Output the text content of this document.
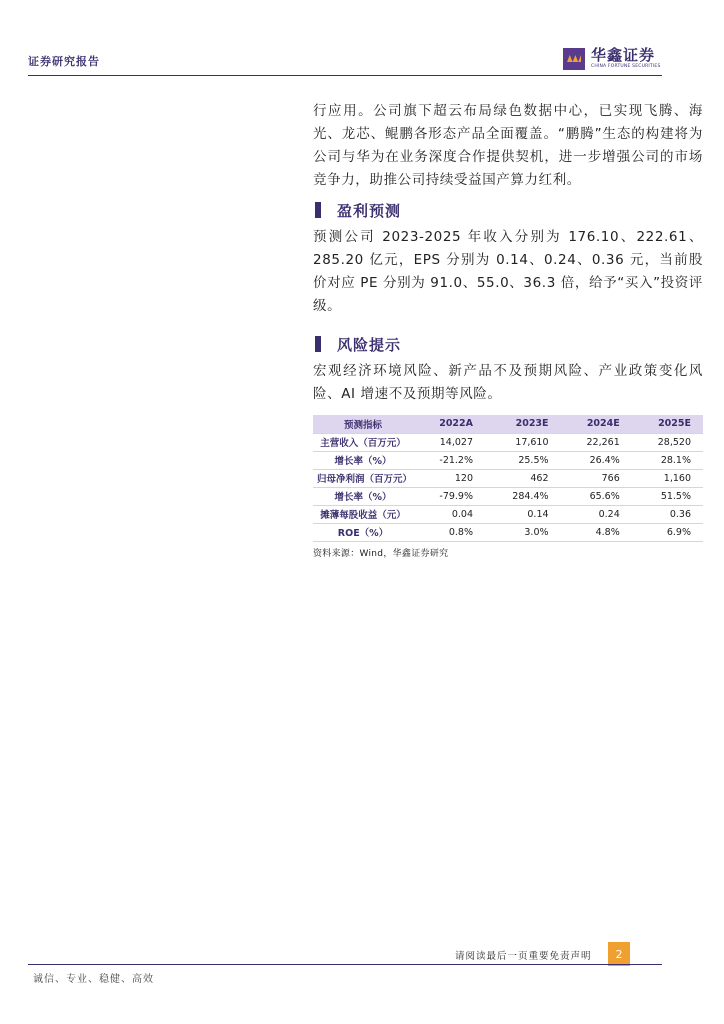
证券研究报告	华鑫证券
CHINA FORTUNE SECURITIES

行应用。公司旗下超云布局绿色数据中心，已实现飞腾、海光、龙芯、鲲鹏各形态产品全面覆盖。“鹏腾”生态的构建将为公司与华为在业务深度合作提供契机，进一步增强公司的市场竞争力，助推公司持续受益国产算力红利。

盈利预测

预测公司 2023-2025 年收入分别为 176.10、222.61、285.20 亿元，EPS 分别为 0.14、0.24、0.36 元，当前股价对应 PE 分别为 91.0、55.0、36.3 倍，给予“买入”投资评级。

风险提示

宏观经济环境风险、新产品不及预期风险、产业政策变化风险、AI 增速不及预期等风险。

预测指标	2022A	2023E	2024E	2025E
主营收入（百万元）	14,027	17,610	22,261	28,520
增长率（%）	-21.2%	25.5%	26.4%	28.1%
归母净利润（百万元）	120	462	766	1,160
增长率（%）	-79.9%	284.4%	65.6%	51.5%
摊薄每股收益（元）	0.04	0.14	0.24	0.36
ROE（%）	0.8%	3.0%	4.8%	6.9%
资料来源：Wind，华鑫证券研究
请阅读最后一页重要免责声明	2
诚信、专业、稳健、高效
